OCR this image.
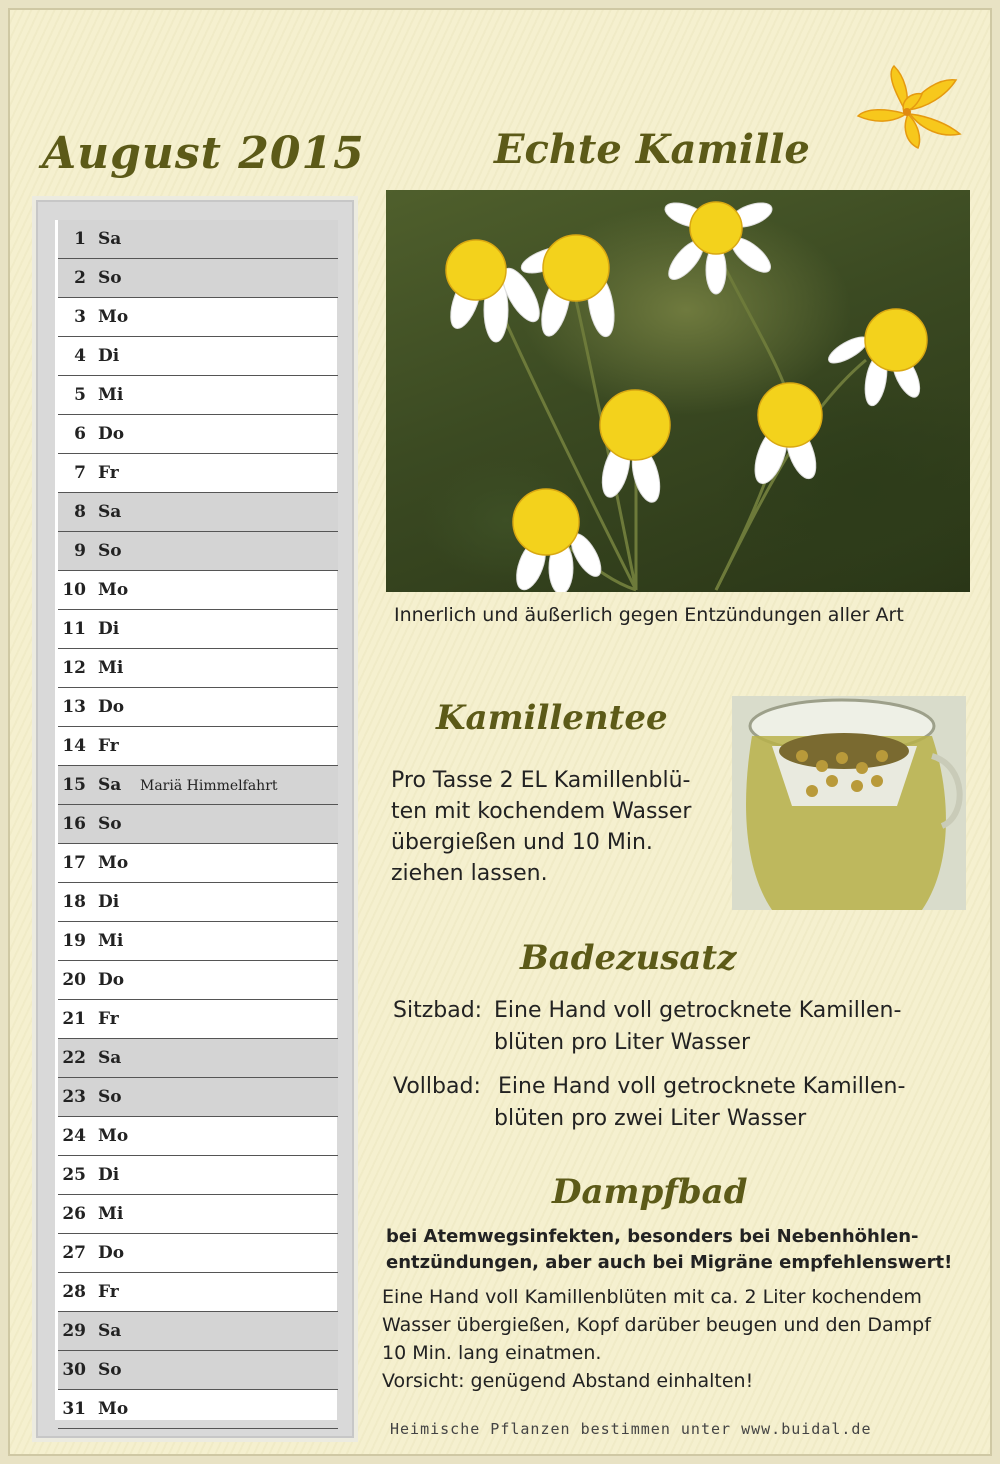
August 2015
1 Sa
2 So
3 Mo
4 Di
5 Mi
6 Do
7 Fr
8 Sa
9 So
10 Mo
11 Di
12 Mi
13 Do
14 Fr
15 Sa Mariä Himmelfahrt
16 So
17 Mo
18 Di
19 Mi
20 Do
21 Fr
22 Sa
23 So
24 Mo
25 Di
26 Mi
27 Do
28 Fr
29 Sa
30 So
31 Mo
Echte Kamille
Innerlich und äußerlich gegen Entzündungen aller Art
Kamillentee
Pro Tasse 2 EL Kamillenblü-
ten mit kochendem Wasser
übergießen und 10 Min.
ziehen lassen.
Badezusatz
Sitzbad: Eine Hand voll getrocknete Kamillen-
blüten pro Liter Wasser
Vollbad: Eine Hand voll getrocknete Kamillen-
blüten pro zwei Liter Wasser
Dampfbad
bei Atemwegsinfekten, besonders bei Nebenhöhlen-
entzündungen, aber auch bei Migräne empfehlenswert!
Eine Hand voll Kamillenblüten mit ca. 2 Liter kochendem
Wasser übergießen, Kopf darüber beugen und den Dampf
10 Min. lang einatmen.
Vorsicht: genügend Abstand einhalten!
Heimische Pflanzen bestimmen unter www.buidal.de
